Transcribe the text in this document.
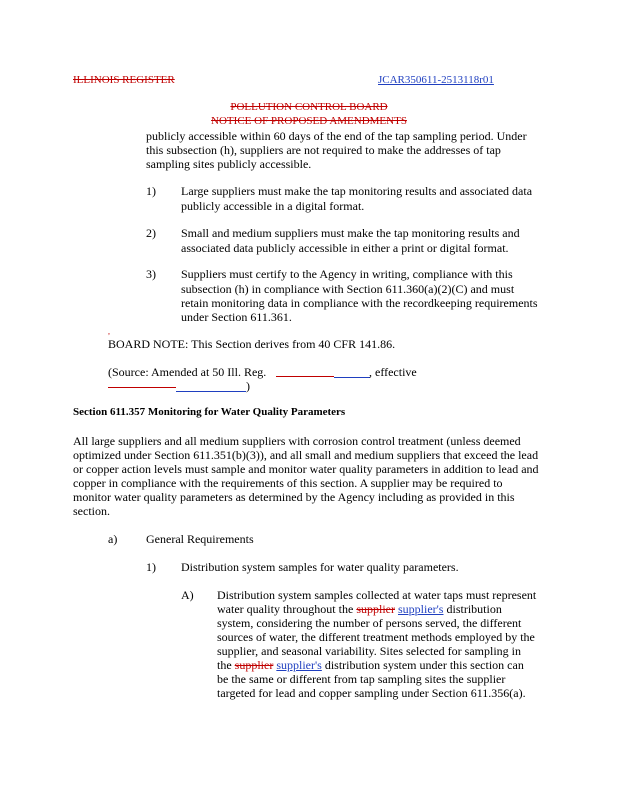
ILLINOIS REGISTER	JCAR350611-2513118r01
POLLUTION CONTROL BOARD
NOTICE OF PROPOSED AMENDMENTS
publicly accessible within 60 days of the end of the tap sampling period. Under
this subsection (h), suppliers are not required to make the addresses of tap
sampling sites publicly accessible.
1) Large suppliers must make the tap monitoring results and associated data
publicly accessible in a digital format.
2) Small and medium suppliers must make the tap monitoring results and
associated data publicly accessible in either a print or digital format.
3) Suppliers must certify to the Agency in writing, compliance with this
subsection (h) in compliance with Section 611.360(a)(2)(C) and must
retain monitoring data in compliance with the recordkeeping requirements
under Section 611.361.
,
BOARD NOTE: This Section derives from 40 CFR 141.86.
(Source: Amended at 50 Ill. Reg.	, effective
)
Section 611.357 Monitoring for Water Quality Parameters
All large suppliers and all medium suppliers with corrosion control treatment (unless deemed
optimized under Section 611.351(b)(3)), and all small and medium suppliers that exceed the lead
or copper action levels must sample and monitor water quality parameters in addition to lead and
copper in compliance with the requirements of this section. A supplier may be required to
monitor water quality parameters as determined by the Agency including as provided in this
section.
a) General Requirements
1) Distribution system samples for water quality parameters.
A) Distribution system samples collected at water taps must represent
water quality throughout the supplier supplier's distribution
system, considering the number of persons served, the different
sources of water, the different treatment methods employed by the
supplier, and seasonal variability. Sites selected for sampling in
the supplier supplier's distribution system under this section can
be the same or different from tap sampling sites the supplier
targeted for lead and copper sampling under Section 611.356(a).
